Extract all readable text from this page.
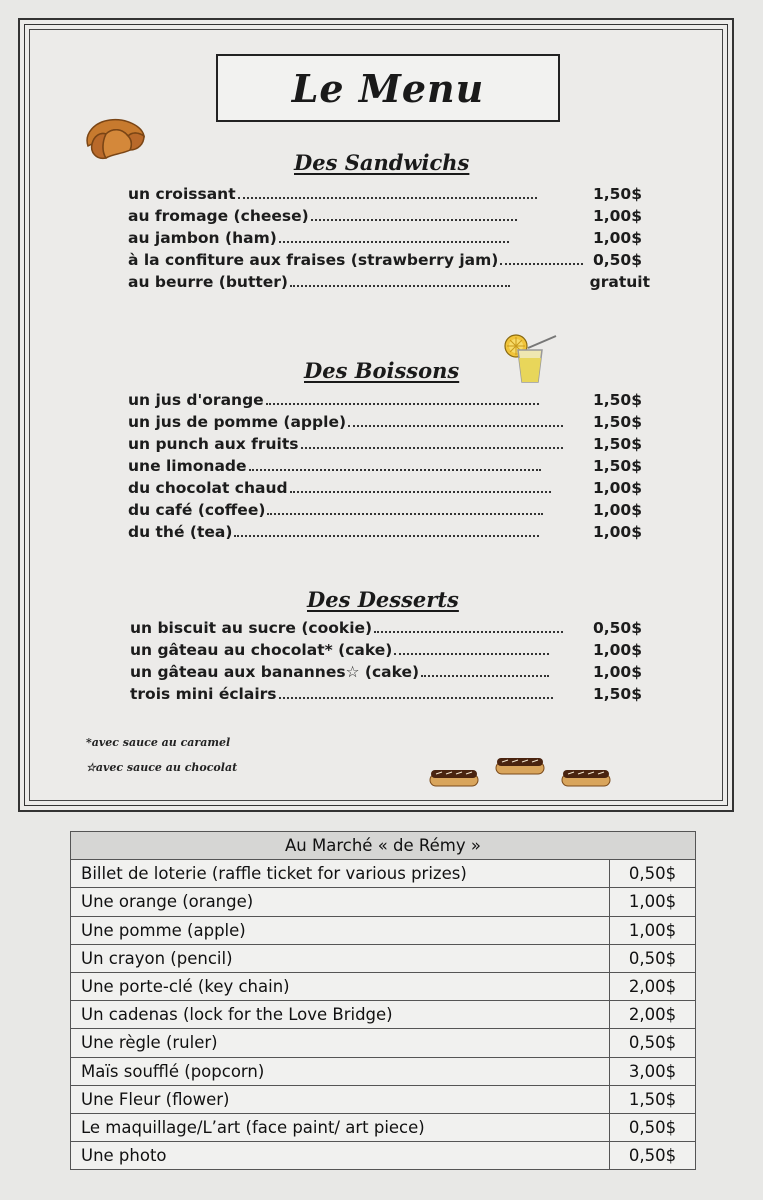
Le Menu
Des Sandwichs
un croissant	1,50$
au fromage (cheese)	1,00$
au jambon (ham)	1,00$
à la confiture aux fraises (strawberry jam)	0,50$
au beurre (butter)	gratuit
Des Boissons
un jus d'orange	1,50$
un jus de pomme (apple)	1,50$
un punch aux fruits	1,50$
une limonade	1,50$
du chocolat chaud	1,00$
du café (coffee)	1,00$
du thé (tea)	1,00$
Des Desserts
un biscuit au sucre (cookie)	0,50$
un gâteau au chocolat* (cake)	1,00$
un gâteau aux banannes☆ (cake)	1,00$
trois mini éclairs	1,50$
*avec sauce au caramel
☆avec sauce au chocolat
Au Marché « de Rémy »	
Billet de loterie (raffle ticket for various prizes)	0,50$
Une orange (orange)	1,00$
Une pomme (apple)	1,00$
Un crayon (pencil)	0,50$
Une porte-clé (key chain)	2,00$
Un cadenas (lock for the Love Bridge)	2,00$
Une règle (ruler)	0,50$
Maïs soufflé (popcorn)	3,00$
Une Fleur (flower)	1,50$
Le maquillage/L’art (face paint/ art piece)	0,50$
Une photo	0,50$
